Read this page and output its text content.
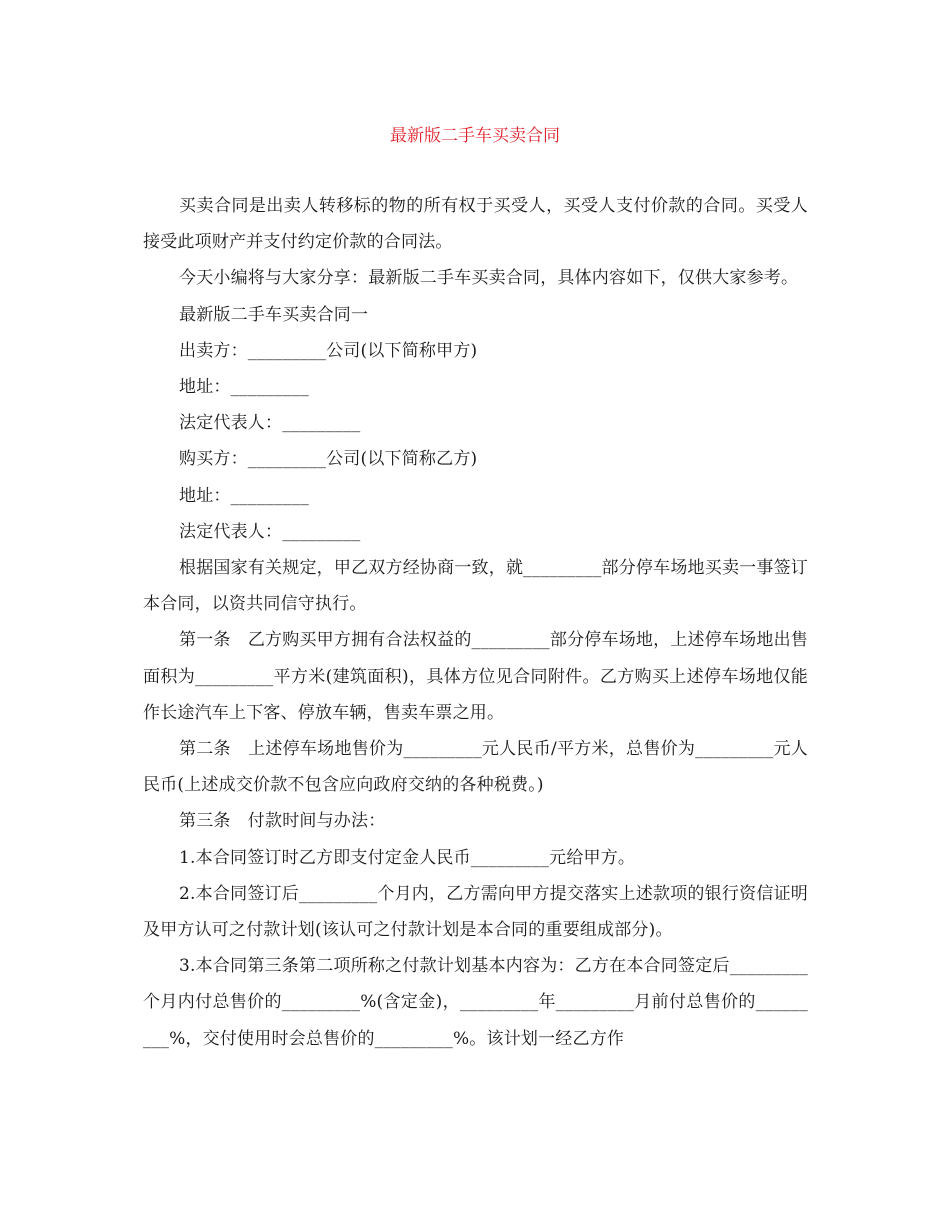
最新版二手车买卖合同

买卖合同是出卖人转移标的物的所有权于买受人，买受人支付价款的合同。买受人接受此项财产并支付约定价款的合同法。

今天小编将与大家分享：最新版二手车买卖合同，具体内容如下，仅供大家参考。

最新版二手车买卖合同一

出卖方：_________公司(以下简称甲方)

地址：_________

法定代表人：_________

购买方：_________公司(以下简称乙方)

地址：_________

法定代表人：_________

根据国家有关规定，甲乙双方经协商一致，就_________部分停车场地买卖一事签订本合同，以资共同信守执行。

第一条　乙方购买甲方拥有合法权益的_________部分停车场地，上述停车场地出售面积为_________平方米(建筑面积)，具体方位见合同附件。乙方购买上述停车场地仅能作长途汽车上下客、停放车辆，售卖车票之用。

第二条　上述停车场地售价为_________元人民币/平方米，总售价为_________元人民币(上述成交价款不包含应向政府交纳的各种税费。)

第三条　付款时间与办法：

1.本合同签订时乙方即支付定金人民币_________元给甲方。

2.本合同签订后_________个月内，乙方需向甲方提交落实上述款项的银行资信证明及甲方认可之付款计划(该认可之付款计划是本合同的重要组成部分)。

3.本合同第三条第二项所称之付款计划基本内容为：乙方在本合同签定后_________个月内付总售价的_________%(含定金)，_________年_________月前付总售价的_________%，交付使用时会总售价的_________%。该计划一经乙方作
